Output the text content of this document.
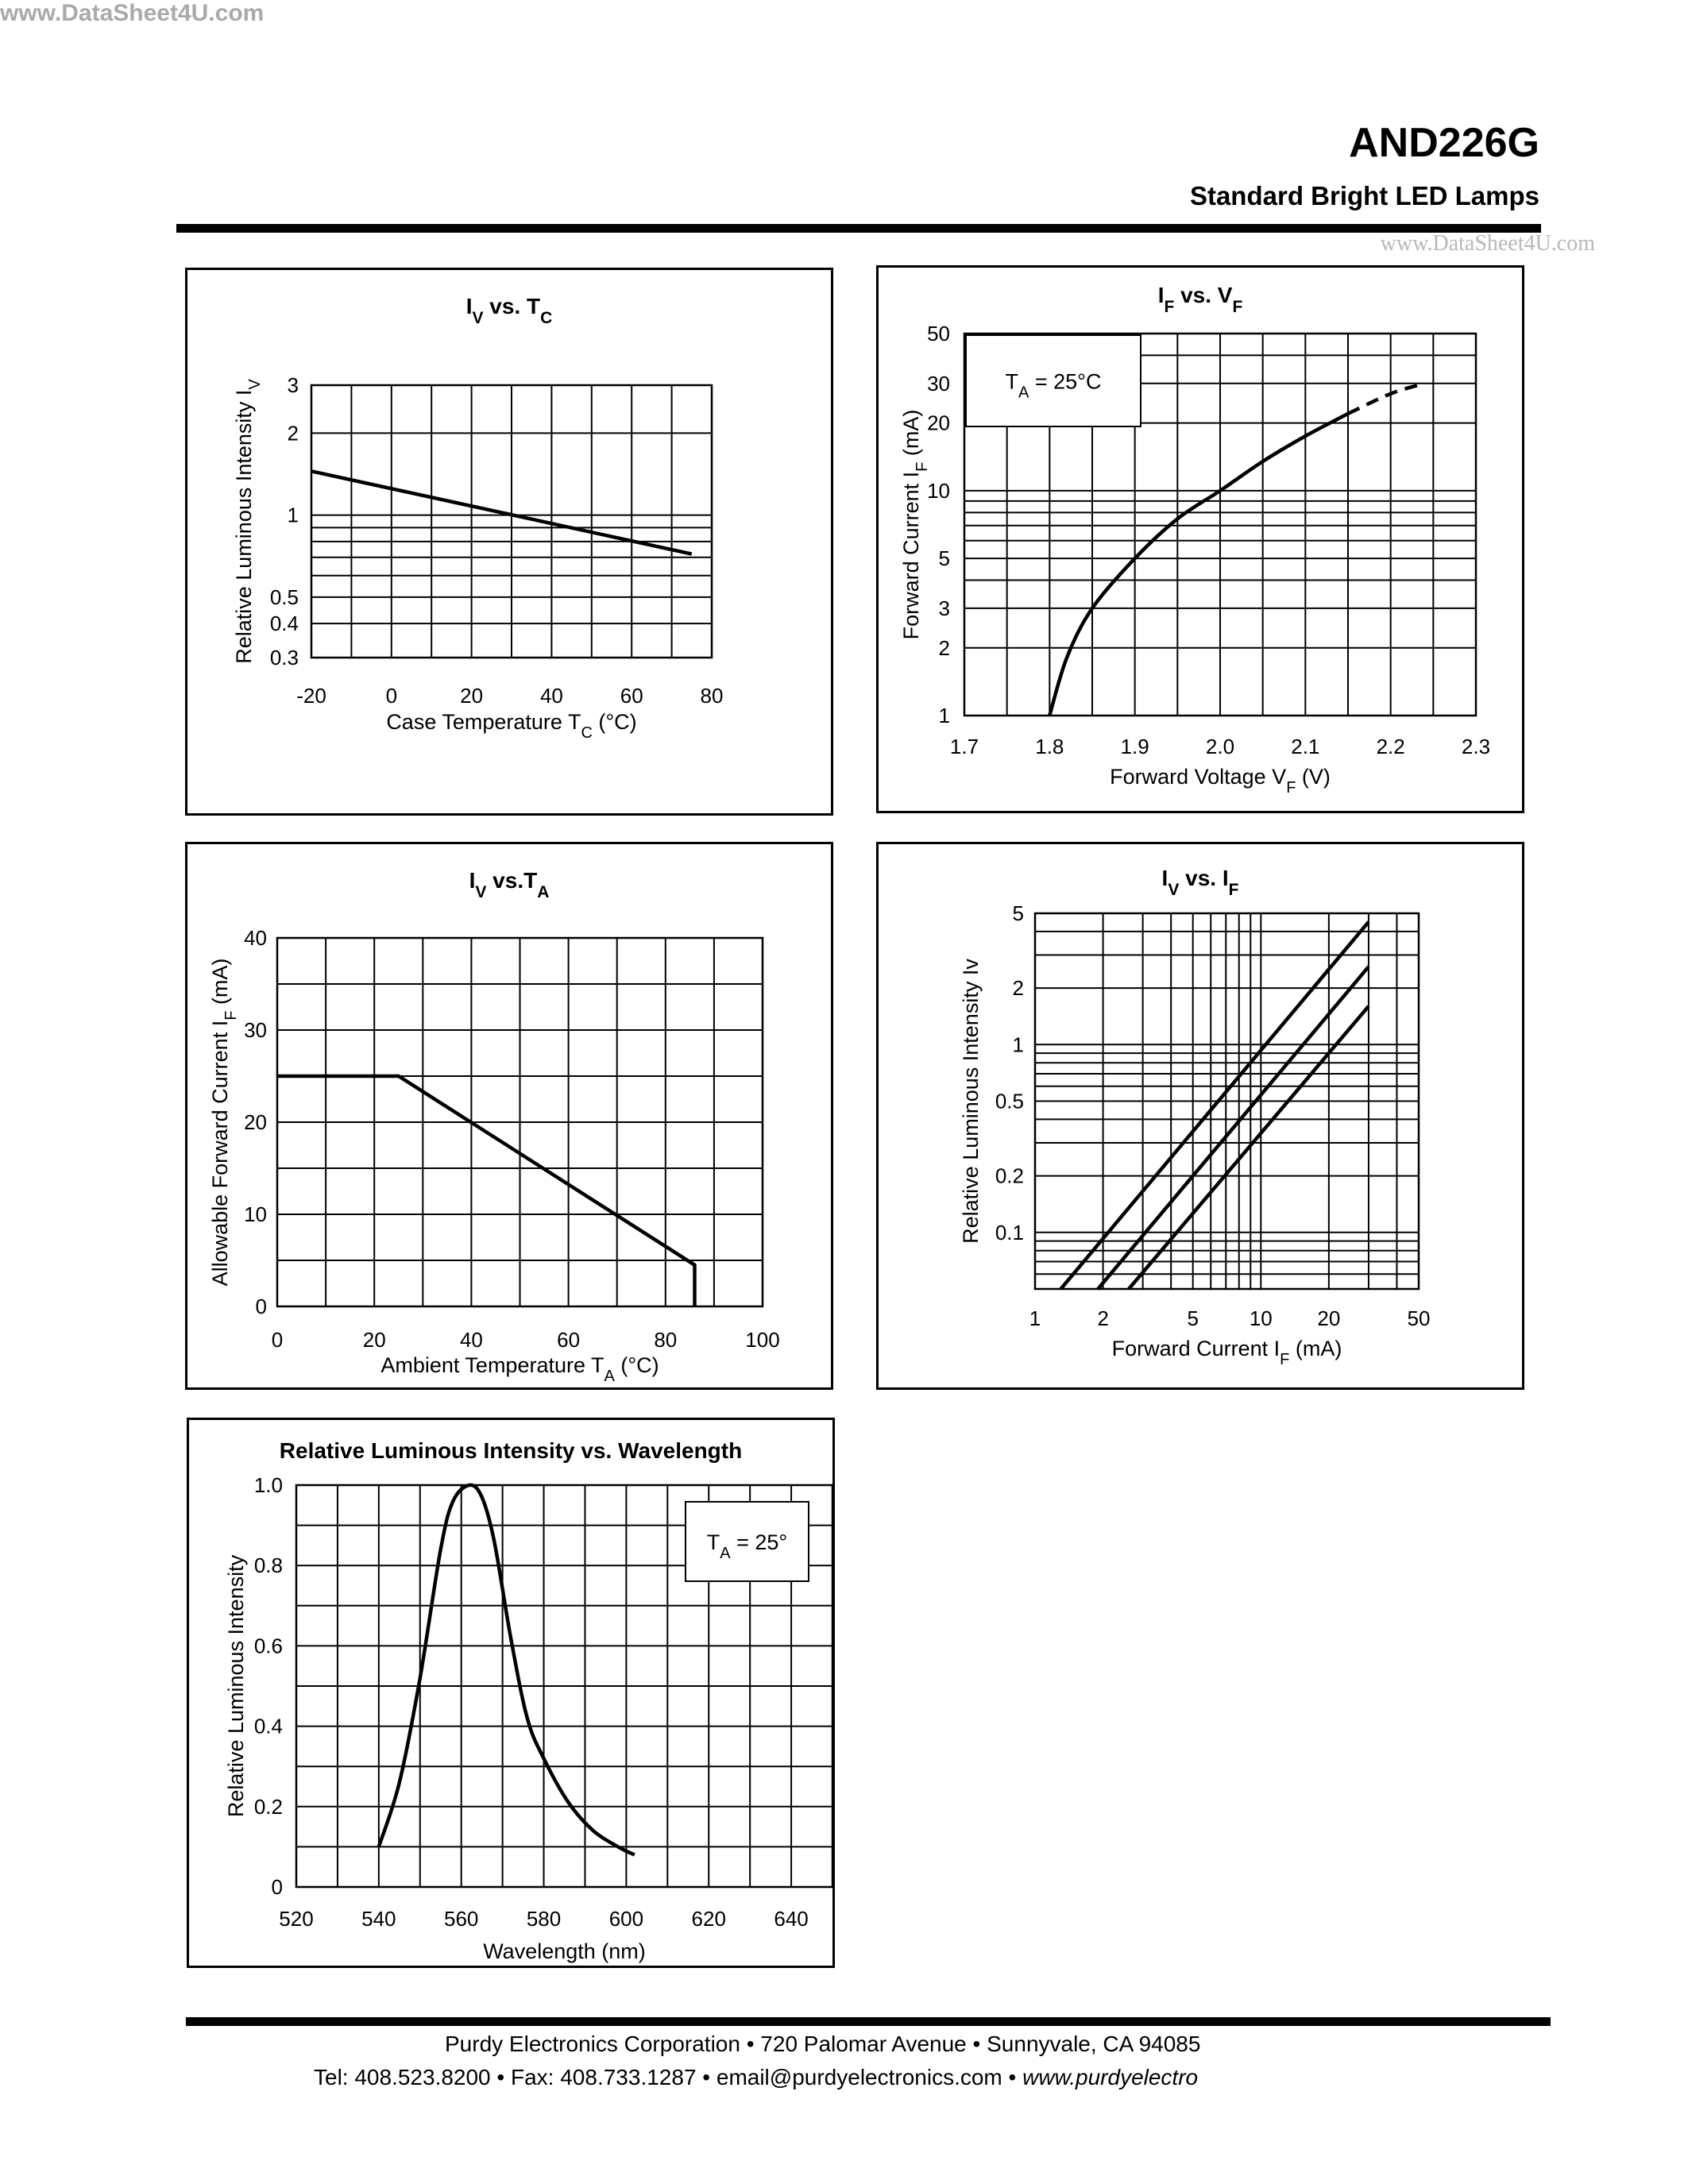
AND226G
Standard Bright LED Lamps
www.DataSheet4U.com
-20	0	20	40	60	80
0.3
0.4
0.5
1
2
3
$I_V$ vs. $T_C$
Case Temperature $T_C$ (°C)
Relative Luminous Intensity $I_V$
1.7	1.8	1.9	2.0	2.1	2.2	2.3
1
2
3
5
10
20
30
50
$I_F$ vs. $V_F$
Forward Voltage $V_F$ (V)
Forward Current $I_F$ (mA)
$T_A = 25^\circ C$
0	20	40	60	80	100
0
10
20
30
40
$I_V$ $vs.T_A$
Ambient Temperature $T_A$ (°C)
Allowable Forward Current $I_F$ (mA)
1	2	5 10 20	50
0.1
0.2
0.5
1
2
5
$I_V$ vs. $I_F$
Forward Current $I_F$ (mA)
Relative Luminous Intensity Iv
520 540 560 580 600 620 640
0
0.2
0.4
0.6
0.8
1.0
Relative Luminous Intensity vs. Wavelength
Wavelength (nm)
Relative Luminous Intensity
$T_A = 25^\circ$
Purdy Electronics Corporation • 720 Palomar Avenue • Sunnyvale, CA 94085
Tel: 408.523.8200 • Fax: 408.733.1287 • email@purdyelectronics.com • www.purdyelectro
www.DataSheet4U.com
